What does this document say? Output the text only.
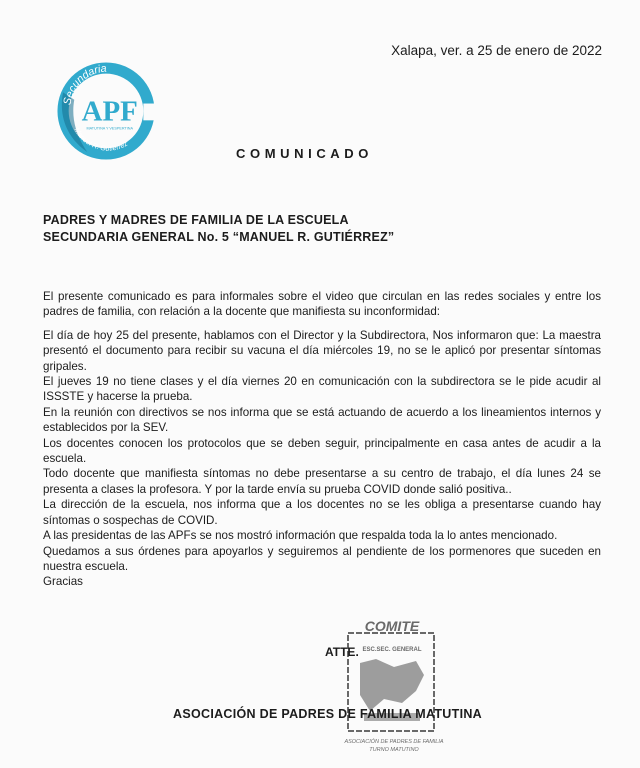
Xalapa, ver. a 25 de enero de 2022
Secundaria
APF
MATUTINA Y VESPERTINA
Manuel R. Gutierrez
COMUNICADO
PADRES Y MADRES DE FAMILIA DE LA ESCUELA
SECUNDARIA GENERAL No. 5 “MANUEL R. GUTIÉRREZ”

El presente comunicado es para informales sobre el video que circulan en las redes sociales y entre los padres de familia, con relación a la docente que manifiesta su inconformidad:

El día de hoy 25 del presente, hablamos con el Director y la Subdirectora, Nos informaron que: La maestra presentó el documento para recibir su vacuna el día miércoles 19, no se le aplicó por presentar síntomas gripales.

El jueves 19 no tiene clases y el día viernes 20 en comunicación con la subdirectora se le pide acudir al ISSSTE y hacerse la prueba.

En la reunión con directivos se nos informa que se está actuando de acuerdo a los lineamientos internos y establecidos por la SEV.

Los docentes conocen los protocolos que se deben seguir, principalmente en casa antes de acudir a la escuela.

Todo docente que manifiesta síntomas no debe presentarse a su centro de trabajo, el día lunes 24 se presenta a clases la profesora. Y por la tarde envía su prueba COVID donde salió positiva..

La dirección de la escuela, nos informa que a los docentes no se les obliga a presentarse cuando hay síntomas o sospechas de COVID.

A las presidentas de las APFs se nos mostró información que respalda toda la lo antes mencionado.

Quedamos a sus órdenes para apoyarlos y seguiremos al pendiente de los pormenores que suceden en nuestra escuela.

Gracias

COMITE
ESC.SEC. GENERAL
ASOCIACIÓN DE PADRES DE FAMILIA
TURNO MATUTINO
ATTE.
ASOCIACIÓN DE PADRES DE FAMILIA MATUTINA
